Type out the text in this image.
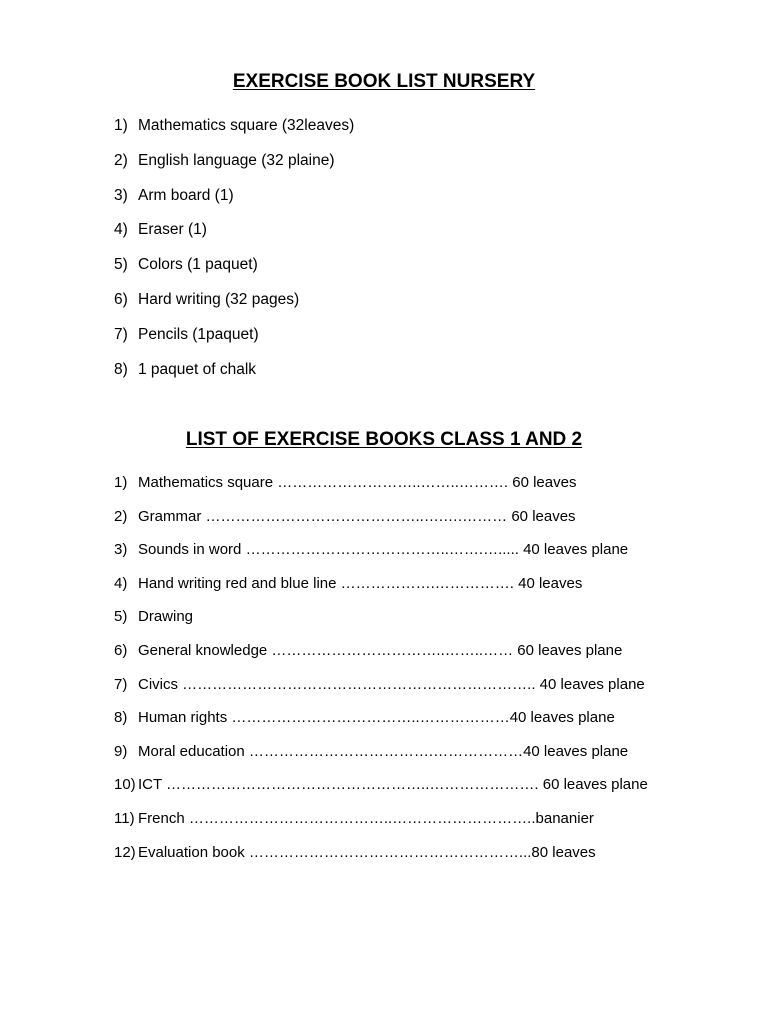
EXERCISE BOOK LIST NURSERY
1) Mathematics square (32leaves)
2) English language (32 plaine)
3) Arm board (1)
4) Eraser (1)
5) Colors (1 paquet)
6) Hard writing (32 pages)
7) Pencils (1paquet)
8) 1 paquet of chalk
LIST OF EXERCISE BOOKS CLASS 1 AND 2
1) Mathematics square ………………………..……..………. 60 leaves
2) Grammar ……………………………………..….….……… 60 leaves
3) Sounds in word …………………………………..…….…..... 40 leaves plane
4) Hand writing red and blue line ……………….……………. 40 leaves
5) Drawing
6) General knowledge ……………………………..……..…… 60 leaves plane
7) Civics …………………………………………………………….. 40 leaves plane
8) Human rights ………………………………..………………40 leaves plane
9) Moral education ……………………………….………………40 leaves plane
10) ICT ……………………………………………..…………………. 60 leaves plane
11) French …………………………………..………………………..bananier
12) Evaluation book ………………………………………………...80 leaves
